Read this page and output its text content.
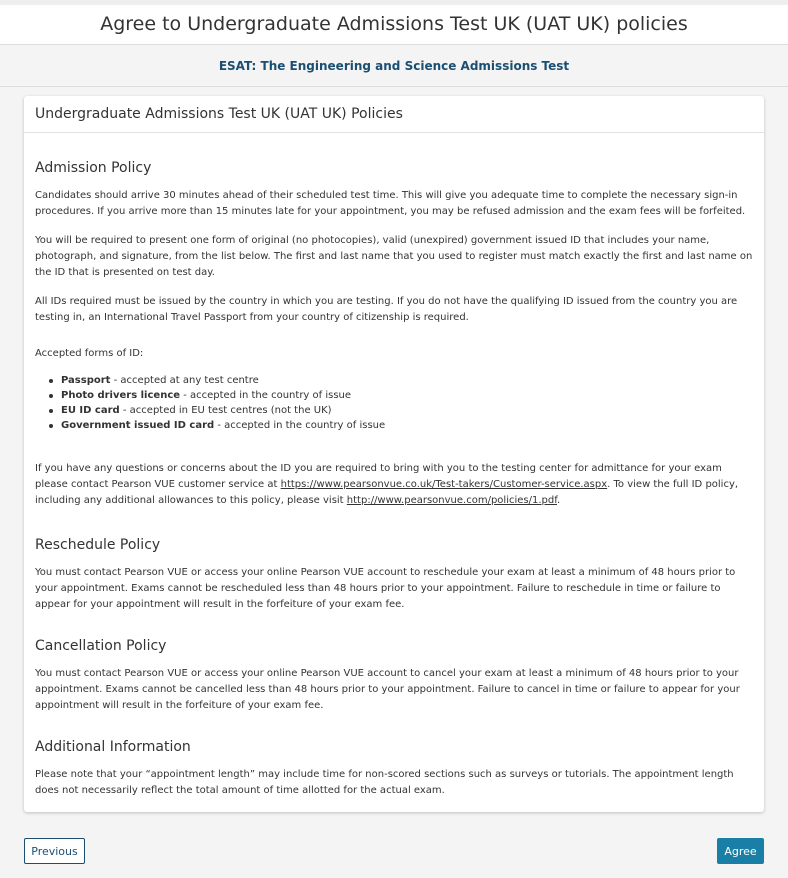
Agree to Undergraduate Admissions Test UK (UAT UK) policies
ESAT: The Engineering and Science Admissions Test
Undergraduate Admissions Test UK (UAT UK) Policies
Admission Policy

Candidates should arrive 30 minutes ahead of their scheduled test time. This will give you adequate time to complete the necessary sign-in procedures. If you arrive more than 15 minutes late for your appointment, you may be refused admission and the exam fees will be forfeited.

You will be required to present one form of original (no photocopies), valid (unexpired) government issued ID that includes your name, photograph, and signature, from the list below. The first and last name that you used to register must match exactly the first and last name on the ID that is presented on test day.

All IDs required must be issued by the country in which you are testing. If you do not have the qualifying ID issued from the country you are testing in, an International Travel Passport from your country of citizenship is required.

Accepted forms of ID:

Passport - accepted at any test centre
Photo drivers licence - accepted in the country of issue
EU ID card - accepted in EU test centres (not the UK)
Government issued ID card - accepted in the country of issue

If you have any questions or concerns about the ID you are required to bring with you to the testing center for admittance for your exam please contact Pearson VUE customer service at https://www.pearsonvue.co.uk/Test-takers/Customer-service.aspx. To view the full ID policy, including any additional allowances to this policy, please visit http://www.pearsonvue.com/policies/1.pdf.

Reschedule Policy

You must contact Pearson VUE or access your online Pearson VUE account to reschedule your exam at least a minimum of 48 hours prior to your appointment. Exams cannot be rescheduled less than 48 hours prior to your appointment. Failure to reschedule in time or failure to appear for your appointment will result in the forfeiture of your exam fee.

Cancellation Policy

You must contact Pearson VUE or access your online Pearson VUE account to cancel your exam at least a minimum of 48 hours prior to your appointment. Exams cannot be cancelled less than 48 hours prior to your appointment. Failure to cancel in time or failure to appear for your appointment will result in the forfeiture of your exam fee.

Additional Information

Please note that your “appointment length” may include time for non-scored sections such as surveys or tutorials. The appointment length does not necessarily reflect the total amount of time allotted for the actual exam.

Previous	Agree
